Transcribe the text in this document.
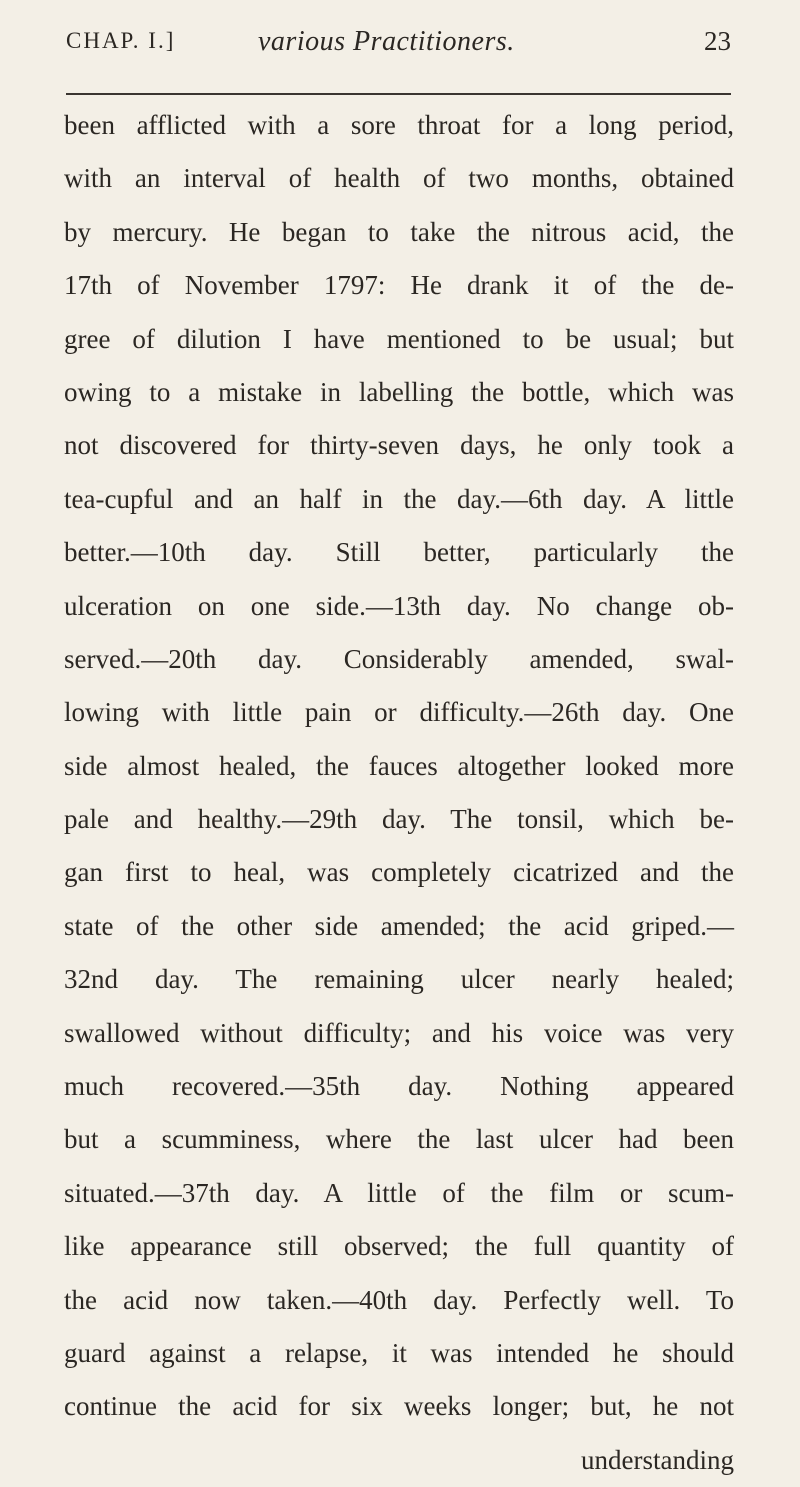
CHAP. I.]	various Practitioners.	23
been afflicted with a sore throat for a long period,
with an interval of health of two months, obtained
by mercury. He began to take the nitrous acid, the
17th of November 1797: He drank it of the de-
gree of dilution I have mentioned to be usual; but
owing to a mistake in labelling the bottle, which was
not discovered for thirty-seven days, he only took a
tea-cupful and an half in the day.—6th day. A little
better.—10th day. Still better, particularly the
ulceration on one side.—13th day. No change ob-
served.—20th day. Considerably amended, swal-
lowing with little pain or difficulty.—26th day. One
side almost healed, the fauces altogether looked more
pale and healthy.—29th day. The tonsil, which be-
gan first to heal, was completely cicatrized and the
state of the other side amended; the acid griped.—
32nd day. The remaining ulcer nearly healed;
swallowed without difficulty; and his voice was very
much recovered.—35th day. Nothing appeared
but a scumminess, where the last ulcer had been
situated.—37th day. A little of the film or scum-
like appearance still observed; the full quantity of
the acid now taken.—40th day. Perfectly well. To
guard against a relapse, it was intended he should
continue the acid for six weeks longer; but, he not
understanding
